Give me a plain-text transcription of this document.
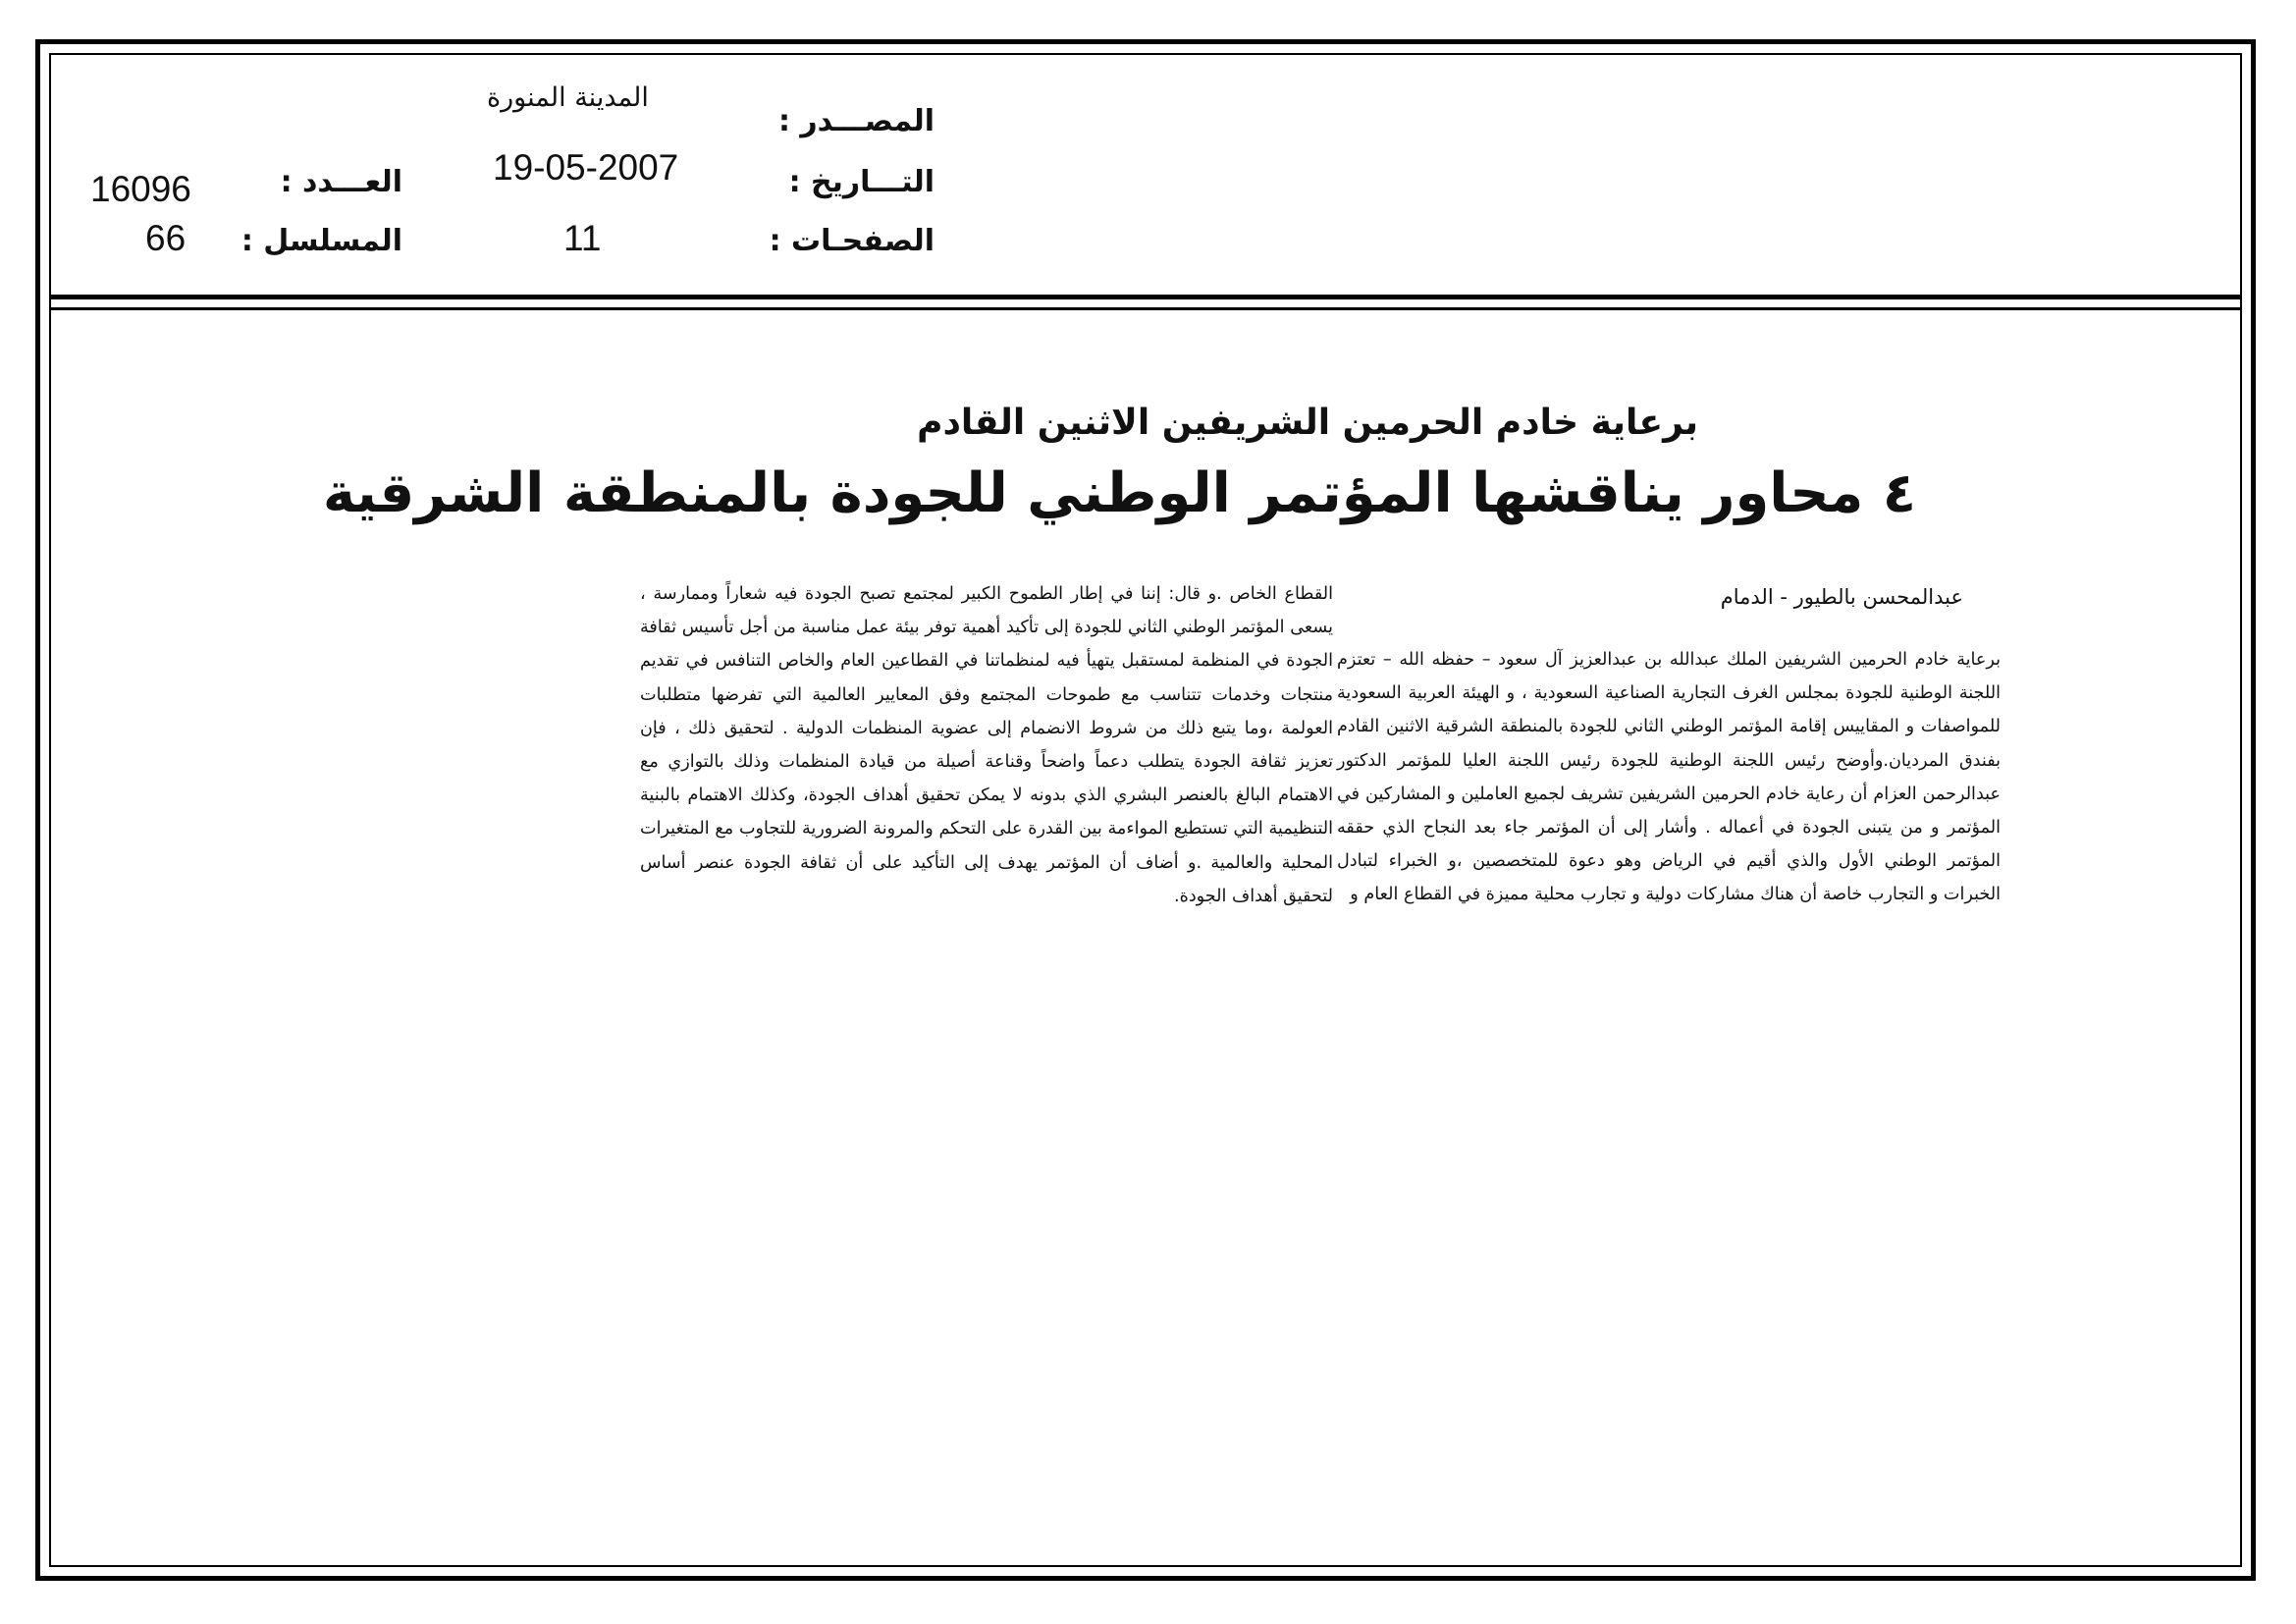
المصـــدر :
المدينة المنورة
التـــاريخ :
19-05-2007
الصفحـات :
11
العـــدد :
16096
المسلسل :
66
برعاية خادم الحرمين الشريفين الاثنين القادم
٤ محاور يناقشها المؤتمر الوطني للجودة بالمنطقة الشرقية
عبدالمحسن بالطيور - الدمام
برعاية خادم الحرمين الشريفين الملك عبدالله بن عبدالعزيز آل سعود – حفظه الله – تعتزم اللجنة الوطنية للجودة بمجلس الغرف التجارية الصناعية السعودية ، و الهيئة العربية السعودية للمواصفات و المقاييس إقامة المؤتمر الوطني الثاني للجودة بالمنطقة الشرقية الاثنين القادم بفندق المرديان.وأوضح رئيس اللجنة الوطنية للجودة رئيس اللجنة العليا للمؤتمر الدكتور عبدالرحمن العزام أن رعاية خادم الحرمين الشريفين تشريف لجميع العاملين و المشاركين في المؤتمر و من يتبنى الجودة في أعماله . وأشار إلى أن المؤتمر جاء بعد النجاح الذي حققه المؤتمر الوطني الأول والذي أقيم في الرياض وهو دعوة للمتخصصين ،و الخبراء لتبادل الخبرات و التجارب خاصة أن هناك مشاركات دولية و تجارب محلية مميزة في القطاع العام و
القطاع الخاص .و قال: إننا في إطار الطموح الكبير لمجتمع تصبح الجودة فيه شعاراً وممارسة ، يسعى المؤتمر الوطني الثاني للجودة إلى تأكيد أهمية توفر بيئة عمل مناسبة من أجل تأسيس ثقافة الجودة في المنظمة لمستقبل يتهيأ فيه لمنظماتنا في القطاعين العام والخاص التنافس في تقديم منتجات وخدمات تتناسب مع طموحات المجتمع وفق المعايير العالمية التي تفرضها متطلبات العولمة ،وما يتبع ذلك من شروط الانضمام إلى عضوية المنظمات الدولية . لتحقيق ذلك ، فإن تعزيز ثقافة الجودة يتطلب دعماً واضحاً وقناعة أصيلة من قيادة المنظمات وذلك بالتوازي مع الاهتمام البالغ بالعنصر البشري الذي بدونه لا يمكن تحقيق أهداف الجودة، وكذلك الاهتمام بالبنية التنظيمية التي تستطيع المواءمة بين القدرة على التحكم والمرونة الضرورية للتجاوب مع المتغيرات المحلية والعالمية .و أضاف أن المؤتمر يهدف إلى التأكيد على أن ثقافة الجودة عنصر أساس لتحقيق أهداف الجودة.
